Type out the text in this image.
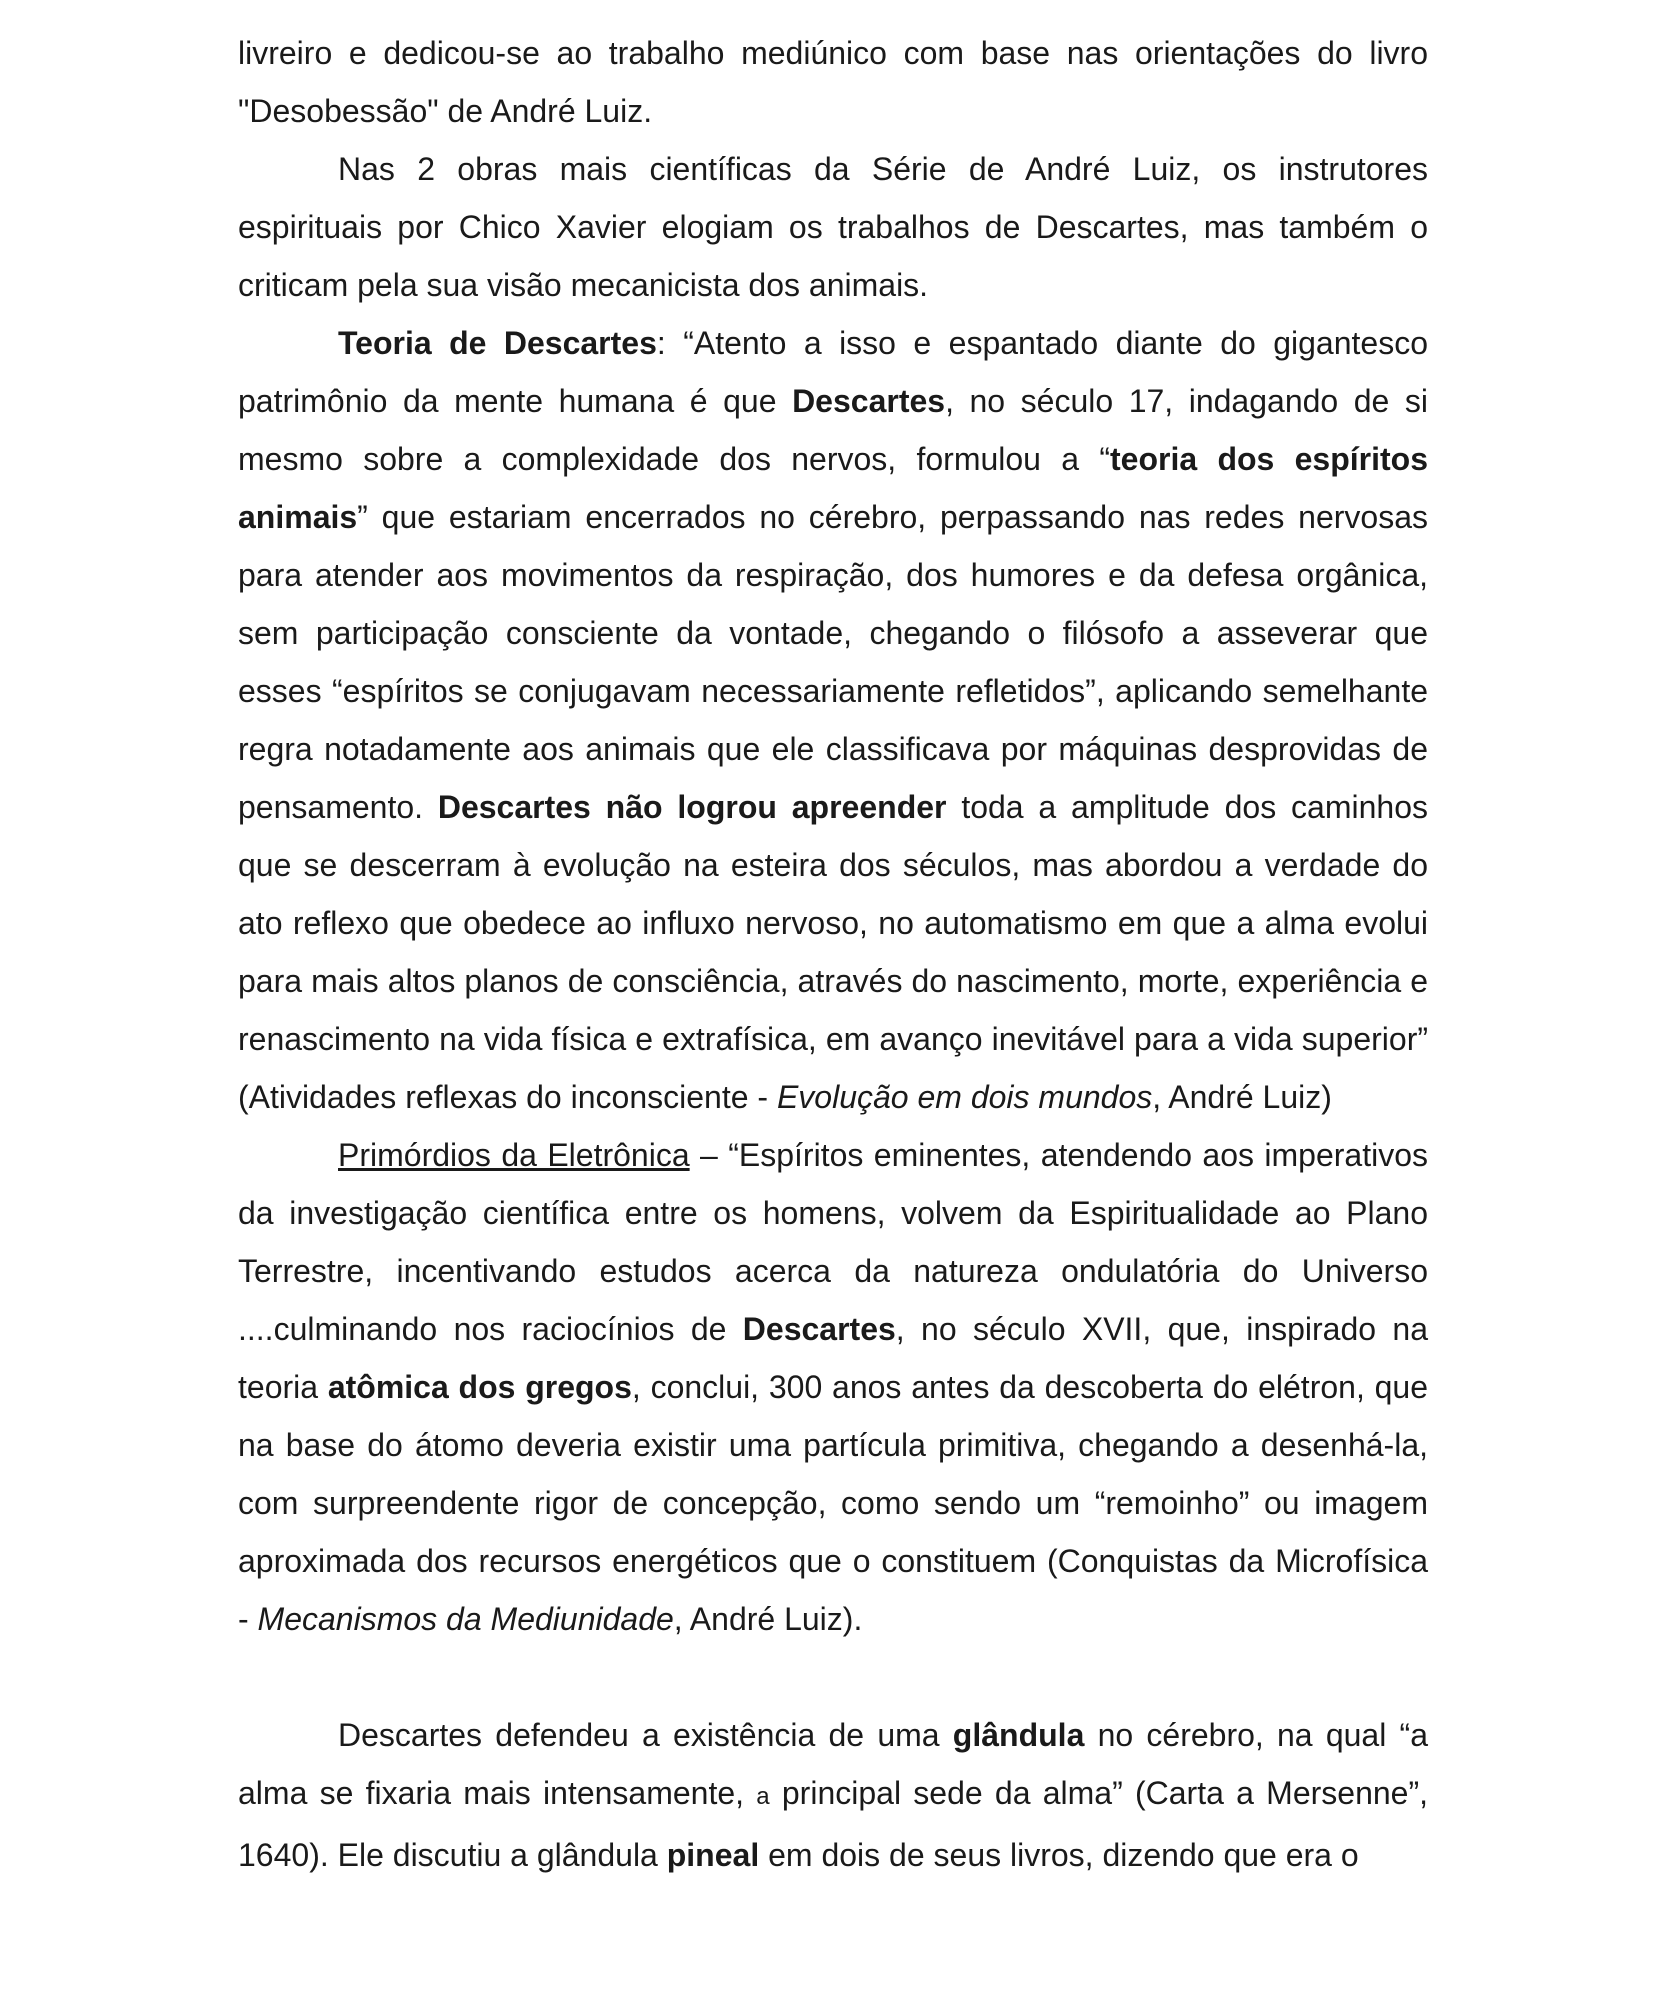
livreiro e dedicou-se ao trabalho mediúnico com base nas orientações do livro "Desobessão" de André Luiz.

Nas 2 obras mais científicas da Série de André Luiz, os instrutores espirituais por Chico Xavier elogiam os trabalhos de Descartes, mas também o criticam pela sua visão mecanicista dos animais.

Teoria de Descartes: “Atento a isso e espantado diante do gigantesco patrimônio da mente humana é que Descartes, no século 17, indagando de si mesmo sobre a complexidade dos nervos, formulou a “teoria dos espíritos animais” que estariam encerrados no cérebro, perpassando nas redes nervosas para atender aos movimentos da respiração, dos humores e da defesa orgânica, sem participação consciente da vontade, chegando o filósofo a asseverar que esses “espíritos se conjugavam necessariamente refletidos”, aplicando semelhante regra notadamente aos animais que ele classificava por máquinas desprovidas de pensamento. Descartes não logrou apreender toda a amplitude dos caminhos que se descerram à evolução na esteira dos séculos, mas abordou a verdade do ato reflexo que obedece ao influxo nervoso, no automatismo em que a alma evolui para mais altos planos de consciência, através do nascimento, morte, experiência e renascimento na vida física e extrafísica, em avanço inevitável para a vida superior” (Atividades reflexas do inconsciente - Evolução em dois mundos, André Luiz)

Primórdios da Eletrônica – “Espíritos eminentes, atendendo aos imperativos da investigação científica entre os homens, volvem da Espiritualidade ao Plano Terrestre, incentivando estudos acerca da natureza ondulatória do Universo ....culminando nos raciocínios de Descartes, no século XVII, que, inspirado na teoria atômica dos gregos, conclui, 300 anos antes da descoberta do elétron, que na base do átomo deveria existir uma partícula primitiva, chegando a desenhá-la, com surpreendente rigor de concepção, como sendo um “remoinho” ou imagem aproximada dos recursos energéticos que o constituem (Conquistas da Microfísica - Mecanismos da Mediunidade, André Luiz).

Descartes defendeu a existência de uma glândula no cérebro, na qual “a alma se fixaria mais intensamente, a principal sede da alma” (Carta a Mersenne”, 1640). Ele discutiu a glândula pineal em dois de seus livros, dizendo que era o
